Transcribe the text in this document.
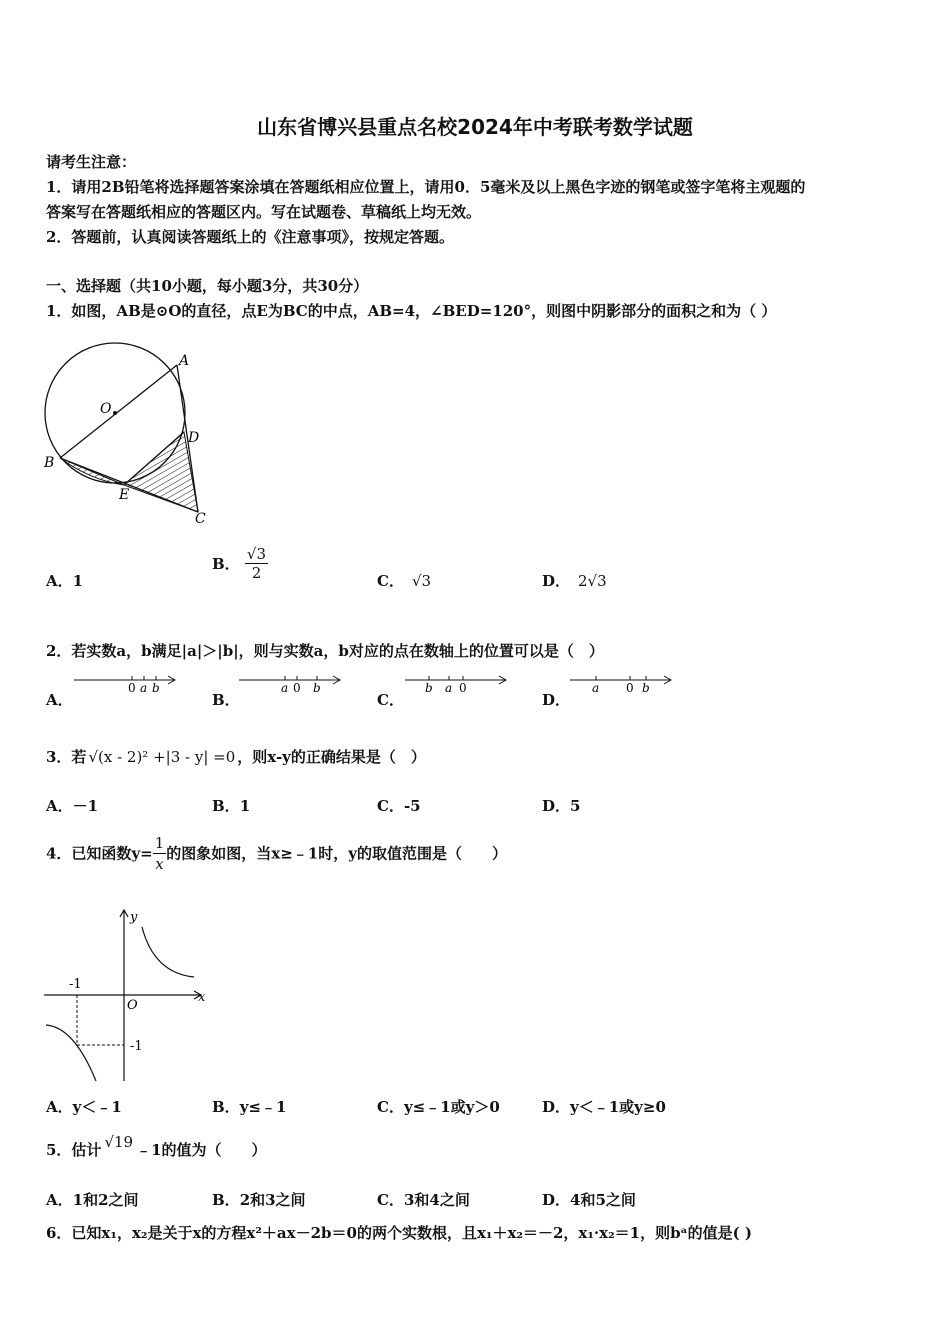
山东省博兴县重点名校2024年中考联考数学试题
请考生注意：
1．请用2B铅笔将选择题答案涂填在答题纸相应位置上，请用0．5毫米及以上黑色字迹的钢笔或签字笔将主观题的
答案写在答题纸相应的答题区内。写在试题卷、草稿纸上均无效。
2．答题前，认真阅读答题纸上的《注意事项》，按规定答题。
一、选择题（共10小题，每小题3分，共30分）
1．如图，AB是⊙O的直径，点E为BC的中点，AB=4，∠BED=120°，则图中阴影部分的面积之和为（ ）
A
B
C
D
E
O
A．1
B． $\frac{√3}{2}$	C． √3	D． 2√3
2．若实数a，b满足|a|＞|b|，则与实数a，b对应的点在数轴上的位置可以是（　）
A．
0 a b
B．
a 0 b
C．
b a 0
D．
a 0 b
3．若 √(x - 2)² +|3 - y| =0 ，则x-y的正确结果是（　）
A．－1	B．1	C．-5	D．5
4．已知函数$y= \frac{1}{x}$ 的图象如图，当x≥﹣1时，y的取值范围是（　　）
y
x
O
-1
-1
A．y＜﹣1	B．y≤﹣1	C．y≤﹣1或y＞0	D．y＜﹣1或y≥0
5．估计 √19 ﹣1的值为（　　）
A．1和2之间	B．2和3之间	C．3和4之间	D．4和5之间
6．已知x₁，x₂是关于x的方程x²＋ax－2b＝0的两个实数根，且x₁＋x₂＝－2，x₁·x₂＝1，则bᵃ的值是( )
